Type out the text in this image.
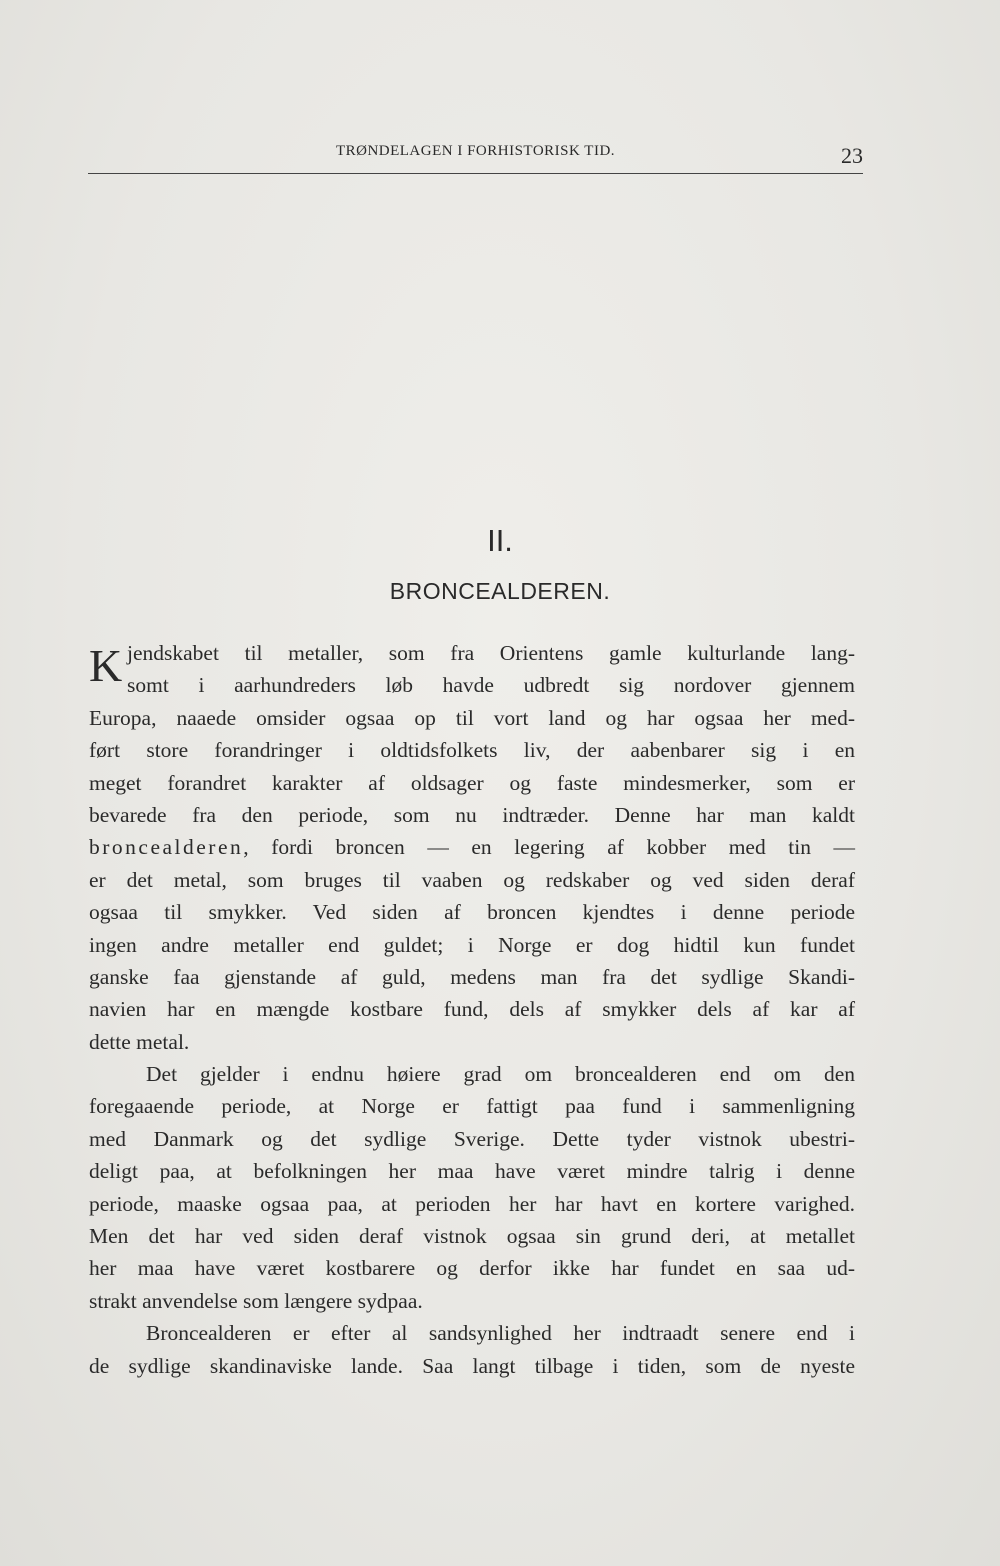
TRØNDELAGEN I FORHISTORISK TID.	23
II.
BRONCEALDEREN.
K jendskabet til metaller, som fra Orientens gamle kulturlande lang-
somt i aarhundreders løb havde udbredt sig nordover gjennem
Europa, naaede omsider ogsaa op til vort land og har ogsaa her med-
ført store forandringer i oldtidsfolkets liv, der aabenbarer sig i en
meget forandret karakter af oldsager og faste mindesmerker, som er
bevarede fra den periode, som nu indtræder. Denne har man kaldt
broncealderen, fordi broncen — en legering af kobber med tin —
er det metal, som bruges til vaaben og redskaber og ved siden deraf
ogsaa til smykker. Ved siden af broncen kjendtes i denne periode
ingen andre metaller end guldet; i Norge er dog hidtil kun fundet
ganske faa gjenstande af guld, medens man fra det sydlige Skandi-
navien har en mængde kostbare fund, dels af smykker dels af kar af
dette metal.
Det gjelder i endnu høiere grad om broncealderen end om den
foregaaende periode, at Norge er fattigt paa fund i sammenligning
med Danmark og det sydlige Sverige. Dette tyder vistnok ubestri-
deligt paa, at befolkningen her maa have været mindre talrig i denne
periode, maaske ogsaa paa, at perioden her har havt en kortere varighed.
Men det har ved siden deraf vistnok ogsaa sin grund deri, at metallet
her maa have været kostbarere og derfor ikke har fundet en saa ud-
strakt anvendelse som længere sydpaa.
Broncealderen er efter al sandsynlighed her indtraadt senere end i
de sydlige skandinaviske lande. Saa langt tilbage i tiden, som de nyeste
